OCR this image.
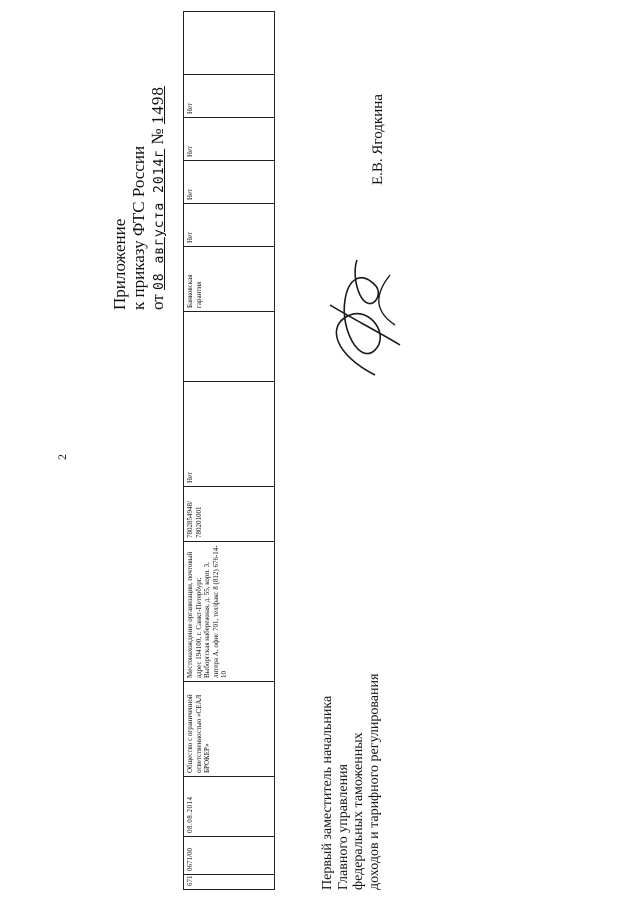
2
Приложение к приказу ФТС России от 08 августа 2014г № 1498
671	0671/00	08.08.2014	Общество с ограниченной ответственностью «СЕАЛ БРОКЕР»	Местонахождение организации, почтовый адрес 194100, г. Санкт-Петербург, Выборгская набережная, д. 55, корп. 3, литера А, офис 701, тел/факс 8 (812) 676-14-10	7802854948/ 780201001	Нет		Банковская гарантия	Нет	Нет	Нет	Нет	
Первый заместитель начальника Главного управления федеральных таможенных доходов и тарифного регулирования
Е.В. Ягодкина
